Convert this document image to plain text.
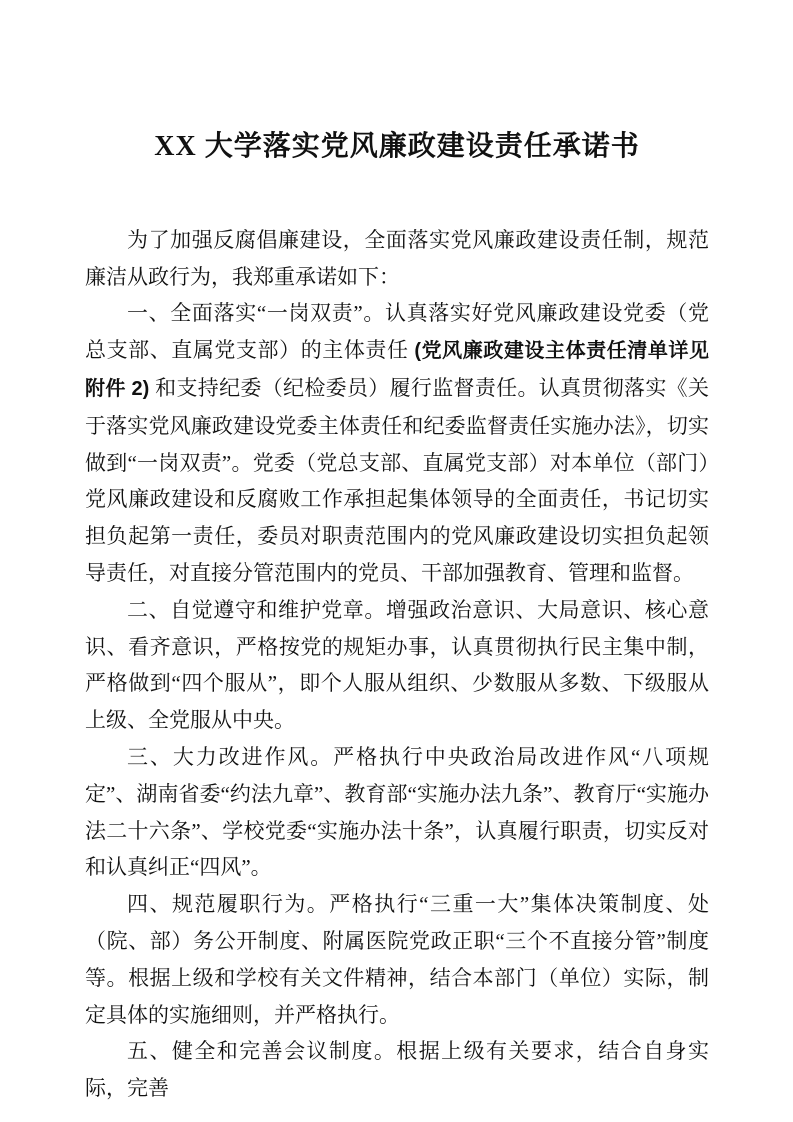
XX 大学落实党风廉政建设责任承诺书

为了加强反腐倡廉建设，全面落实党风廉政建设责任制，规范廉洁从政行为，我郑重承诺如下：

一、全面落实“一岗双责”。认真落实好党风廉政建设党委（党总支部、直属党支部）的主体责任 (党风廉政建设主体责任清单详见附件 2) 和支持纪委（纪检委员）履行监督责任。认真贯彻落实《关于落实党风廉政建设党委主体责任和纪委监督责任实施办法》，切实做到“一岗双责”。党委（党总支部、直属党支部）对本单位（部门）党风廉政建设和反腐败工作承担起集体领导的全面责任，书记切实担负起第一责任，委员对职责范围内的党风廉政建设切实担负起领导责任，对直接分管范围内的党员、干部加强教育、管理和监督。

二、自觉遵守和维护党章。增强政治意识、大局意识、核心意识、看齐意识，严格按党的规矩办事，认真贯彻执行民主集中制，严格做到“四个服从”，即个人服从组织、少数服从多数、下级服从上级、全党服从中央。

三、大力改进作风。严格执行中央政治局改进作风“八项规定”、湖南省委“约法九章”、教育部“实施办法九条”、教育厅“实施办法二十六条”、学校党委“实施办法十条”，认真履行职责，切实反对和认真纠正“四风”。

四、规范履职行为。严格执行“三重一大”集体决策制度、处（院、部）务公开制度、附属医院党政正职“三个不直接分管”制度等。根据上级和学校有关文件精神，结合本部门（单位）实际，制定具体的实施细则，并严格执行。

五、健全和完善会议制度。根据上级有关要求，结合自身实际，完善
